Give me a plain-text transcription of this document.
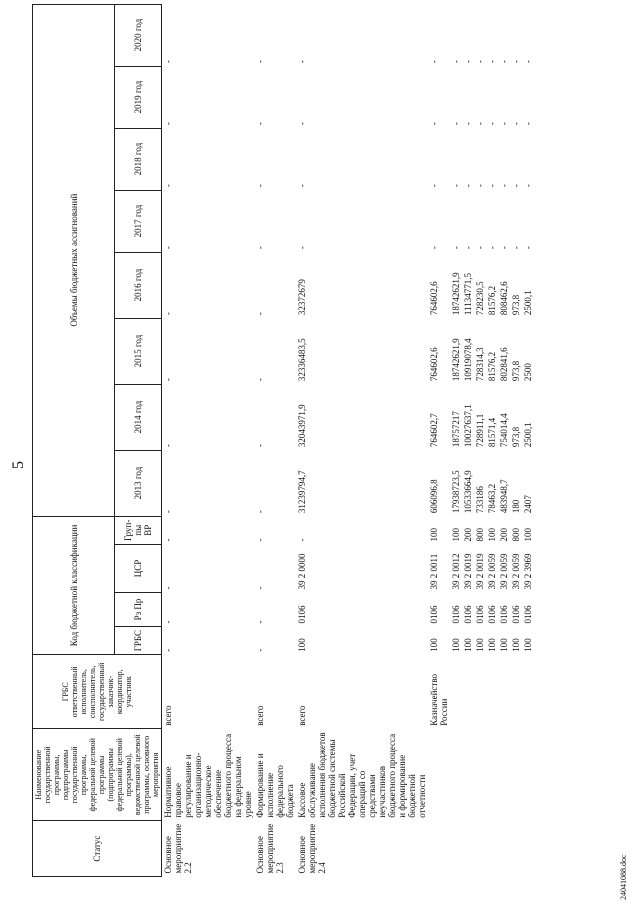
5
Статус	Наименование государственной программы, подпрограммы государственной программы, федеральной целевой программы (подпрограммы федеральной целевой программы), ведомственной целевой программы, основного мероприятия	ГРБС ответственный исполнитель, соисполнитель, государственный заказчик-координатор, участник	Код бюджетной классификации				Объемы бюджетных ассигнований							
			ГРБС	Рз Пр	ЦСР	Груп-пы ВР	2013 год	2014 год	2015 год	2016 год	2017 год	2018 год	2019 год	2020 год
Основное мероприятие 2.2	Нормативное правовое регулирование и организационно-методическое обеспечение бюджетного процесса на федеральном уровне	всего	-	-	-	-	-	-	-	-	-	-	-	-
Основное мероприятие 2.3	Формирование и исполнение федерального бюджета	всего	-	-	-	-	-	-	-	-	-	-	-	-
Основное мероприятие 2.4	Кассовое обслуживание исполнения бюджетов бюджетной системы Российской Федерации, учет операций со средствами неучастников бюджетного процесса и формирование бюджетной отчетности	всего	100	0106	39 2 0000	-	31239794,7	32043971,9	32336483,5	32372679	-	-	-	-
		Казначейство России	100	0106	39 2 0011	100	606096,8	764602,7	764602,6	764602,6	-	-	-	-
			100	0106	39 2 0012	100	17938723,5	18757217	18742621,9	18742621,9	-	-	-	-
			100	0106	39 2 0019	200	10533664,9	10027637,1	10919078,4	11134771,5	-	-	-	-
			100	0106	39 2 0019	800	733186	728911,1	728314,3	728230,5	-	-	-	-
			100	0106	39 2 0059	100	78463,2	81571,4	81576,2	81576,2	-	-	-	-
			100	0106	39 2 0059	200	483948,7	754014,4	802841,6	808462,6	-	-	-	-
			100	0106	39 2 0059	800	180	973,8	973,8	973,8	-	-	-	-
			100	0106	39 2 3969	100	2407	2500,1	2500	2500,1	-	-	-	-
24041088.doc
